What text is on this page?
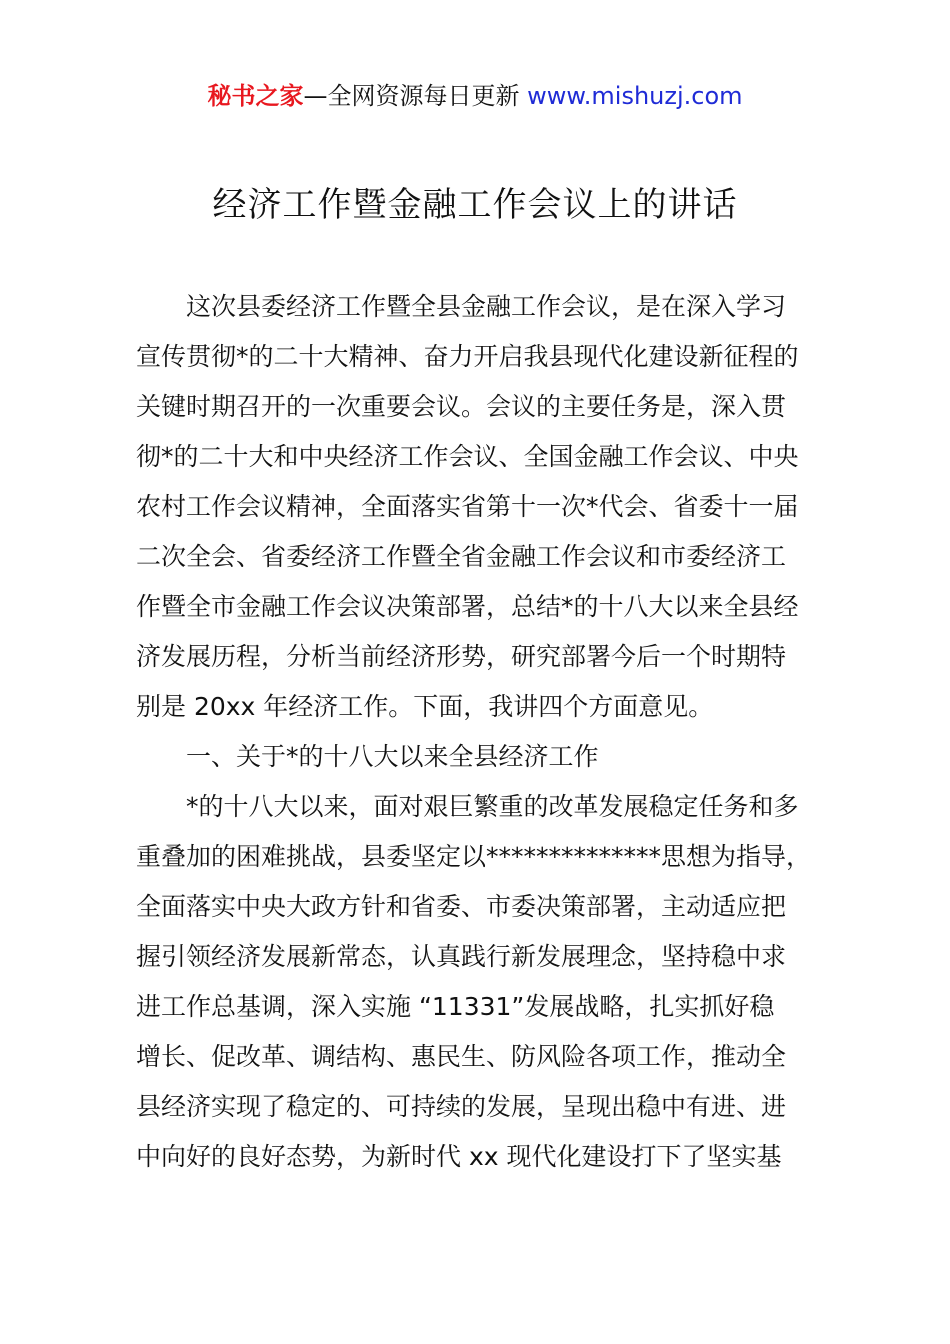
秘书之家—全网资源每日更新 www.mishuzj.com
经济工作暨金融工作会议上的讲话
这次县委经济工作暨全县金融工作会议，是在深入学习
宣传贯彻*的二十大精神、奋力开启我县现代化建设新征程的
关键时期召开的一次重要会议。会议的主要任务是，深入贯
彻*的二十大和中央经济工作会议、全国金融工作会议、中央
农村工作会议精神，全面落实省第十一次*代会、省委十一届
二次全会、省委经济工作暨全省金融工作会议和市委经济工
作暨全市金融工作会议决策部署，总结*的十八大以来全县经
济发展历程，分析当前经济形势，研究部署今后一个时期特
别是 20xx 年经济工作。下面，我讲四个方面意见。
一、关于*的十八大以来全县经济工作
*的十八大以来，面对艰巨繁重的改革发展稳定任务和多
重叠加的困难挑战，县委坚定以**************思想为指导，
全面落实中央大政方针和省委、市委决策部署，主动适应把
握引领经济发展新常态，认真践行新发展理念，坚持稳中求
进工作总基调，深入实施 “11331”发展战略，扎实抓好稳
增长、促改革、调结构、惠民生、防风险各项工作，推动全
县经济实现了稳定的、可持续的发展，呈现出稳中有进、进
中向好的良好态势，为新时代 xx 现代化建设打下了坚实基
